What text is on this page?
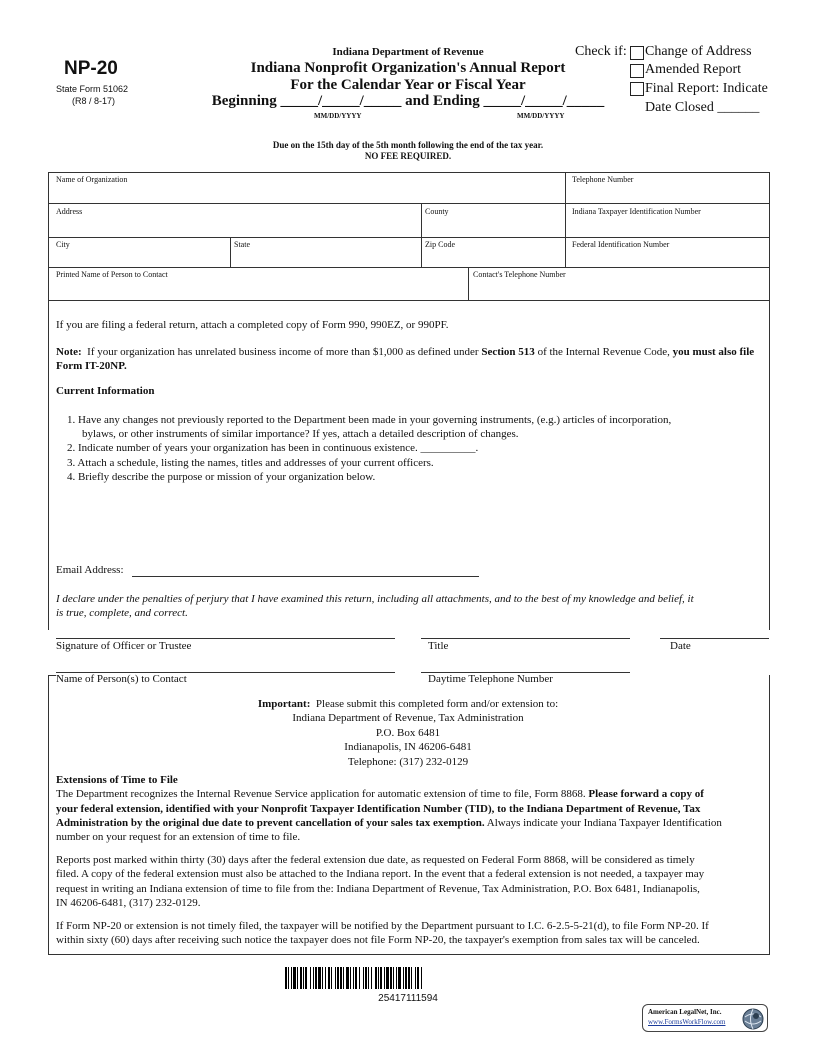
NP-20
State Form 51062
(R8 / 8-17)
Indiana Department of Revenue
Indiana Nonprofit Organization's Annual Report
For the Calendar Year or Fiscal Year
Beginning _____/_____/_____ and Ending _____/_____/_____
MM/DD/YYYY	MM/DD/YYYY
Check if: Change of Address
Amended Report
Final Report: Indicate
Date Closed ______
Due on the 15th day of the 5th month following the end of the tax year.
NO FEE REQUIRED.
Name of Organization	Telephone Number
Address	County	Indiana Taxpayer Identification Number
City	State	Zip Code	Federal Identification Number
Printed Name of Person to Contact	Contact's Telephone Number
If you are filing a federal return, attach a completed copy of Form 990, 990EZ, or 990PF.
Note: If your organization has unrelated business income of more than $1,000 as defined under Section 513 of the Internal Revenue Code, you must also file Form IT-20NP.
Current Information
1. Have any changes not previously reported to the Department been made in your governing instruments, (e.g.) articles of incorporation,
bylaws, or other instruments of similar importance? If yes, attach a detailed description of changes.
2. Indicate number of years your organization has been in continuous existence. __________.
3. Attach a schedule, listing the names, titles and addresses of your current officers.
4. Briefly describe the purpose or mission of your organization below.
Email Address:
I declare under the penalties of perjury that I have examined this return, including all attachments, and to the best of my knowledge and belief, it
is true, complete, and correct.
Signature of Officer or Trustee	Title	Date
Name of Person(s) to Contact	Daytime Telephone Number
Important: Please submit this completed form and/or extension to:
Indiana Department of Revenue, Tax Administration
P.O. Box 6481
Indianapolis, IN 46206-6481
Telephone: (317) 232-0129
Extensions of Time to File
The Department recognizes the Internal Revenue Service application for automatic extension of time to file, Form 8868. Please forward a copy of
your federal extension, identified with your Nonprofit Taxpayer Identification Number (TID), to the Indiana Department of Revenue, Tax
Administration by the original due date to prevent cancellation of your sales tax exemption. Always indicate your Indiana Taxpayer Identification
number on your request for an extension of time to file.
Reports post marked within thirty (30) days after the federal extension due date, as requested on Federal Form 8868, will be considered as timely
filed. A copy of the federal extension must also be attached to the Indiana report. In the event that a federal extension is not needed, a taxpayer may
request in writing an Indiana extension of time to file from the: Indiana Department of Revenue, Tax Administration, P.O. Box 6481, Indianapolis,
IN 46206-6481, (317) 232-0129.
If Form NP-20 or extension is not timely filed, the taxpayer will be notified by the Department pursuant to I.C. 6-2.5-5-21(d), to file Form NP-20. If
within sixty (60) days after receiving such notice the taxpayer does not file Form NP-20, the taxpayer's exemption from sales tax will be canceled.
25417111594
American LegalNet, Inc.
www.FormsWorkFlow.com
